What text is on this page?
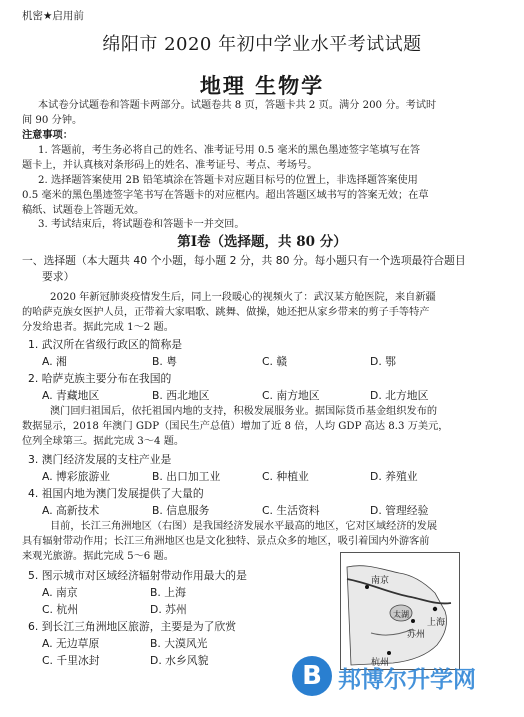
机密★启用前
绵阳市 2020 年初中学业水平考试试题
地理 生物学
本试卷分试题卷和答题卡两部分。试题卷共 8 页，答题卡共 2 页。满分 200 分。考试时
间 90 分钟。
注意事项：
1. 答题前，考生务必将自己的姓名、准考证号用 0.5 毫米的黑色墨迹签字笔填写在答
题卡上，并认真核对条形码上的姓名、准考证号、考点、考场号。
2. 选择题答案使用 2B 铅笔填涂在答题卡对应题目标号的位置上，非选择题答案使用
0.5 毫米的黑色墨迹签字笔书写在答题卡的对应框内。超出答题区域书写的答案无效；在草
稿纸、试题卷上答题无效。
3. 考试结束后，将试题卷和答题卡一并交回。
第Ⅰ卷（选择题，共 80 分）
一、选择题（本大题共 40 个小题，每小题 2 分，共 80 分。每小题只有一个选项最符合题目
要求）
2020 年新冠肺炎疫情发生后，同上一段暖心的视频火了：武汉某方舱医院，来自新疆
的哈萨克族女医护人员，正带着大家唱歌、跳舞、做操，她还把从家乡带来的剪子手等特产
分发给患者。据此完成 1～2 题。
1. 武汉所在省级行政区的简称是
A. 湘	B. 粤	C. 赣	D. 鄂
2. 哈萨克族主要分布在我国的
A. 青藏地区	B. 西北地区	C. 南方地区	D. 北方地区
澳门回归祖国后，依托祖国内地的支持，积极发展服务业。据国际货币基金组织发布的
数据显示，2018 年澳门 GDP（国民生产总值）增加了近 8 倍，人均 GDP 高达 8.3 万美元，
位列全球第三。据此完成 3～4 题。
3. 澳门经济发展的支柱产业是
A. 博彩旅游业	B. 出口加工业	C. 种植业	D. 养殖业
4. 祖国内地为澳门发展提供了大量的
A. 高新技术	B. 信息服务	C. 生活资料	D. 管理经验
目前，长江三角洲地区（右图）是我国经济发展水平最高的地区，它对区域经济的发展
具有辐射带动作用；长江三角洲地区也是文化独特、景点众多的地区，吸引着国内外游客前
来观光旅游。据此完成 5～6 题。
5. 图示城市对区域经济辐射带动作用最大的是
A. 南京	B. 上海
C. 杭州	D. 苏州
6. 到长江三角洲地区旅游，主要是为了欣赏
A. 无边草原	B. 大漠风光
C. 千里冰封	D. 水乡风貌
南京
上海
苏州
太湖
杭州
B 邦博尔升学网
